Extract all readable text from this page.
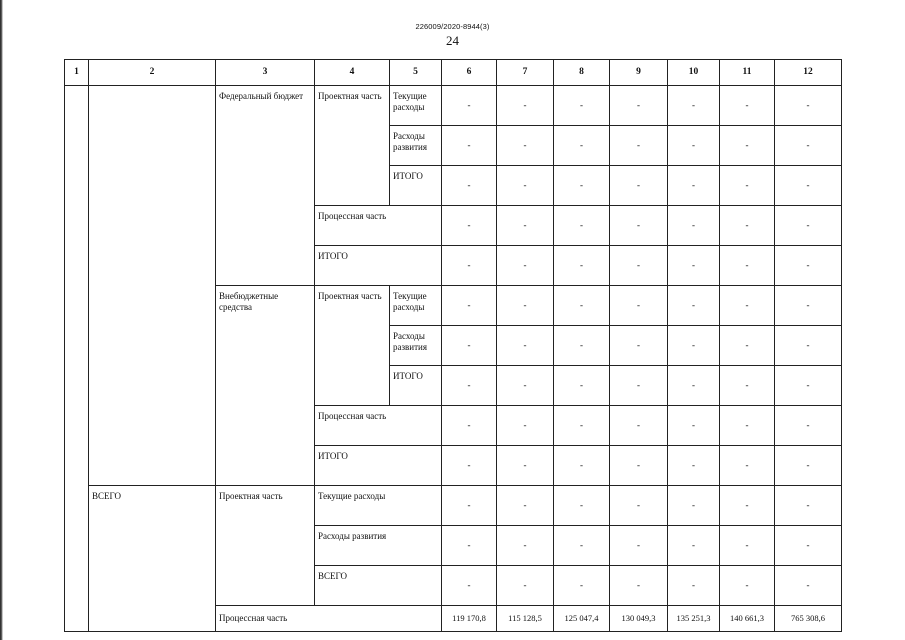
226009/2020-8944(3)
24
1	2	3	4	5	6	7	8	9	10	11	12
		Федеральный бюджет	Проектная часть	Текущие расходы	-	-	-	-	-	-	-
				Расходы развития	-	-	-	-	-	-	-
				ИТОГО	-	-	-	-	-	-	-
			Процессная часть		-	-	-	-	-	-	-
			ИТОГО		-	-	-	-	-	-	-
		Внебюджетные средства	Проектная часть	Текущие расходы	-	-	-	-	-	-	-
				Расходы развития	-	-	-	-	-	-	-
				ИТОГО	-	-	-	-	-	-	-
			Процессная часть		-	-	-	-	-	-	-
			ИТОГО		-	-	-	-	-	-	-
	ВСЕГО	Проектная часть	Текущие расходы		-	-	-	-	-	-	-
			Расходы развития		-	-	-	-	-	-	-
			ВСЕГО		-	-	-	-	-	-	-
		Процессная часть			119 170,8	115 128,5	125 047,4	130 049,3	135 251,3	140 661,3	765 308,6
